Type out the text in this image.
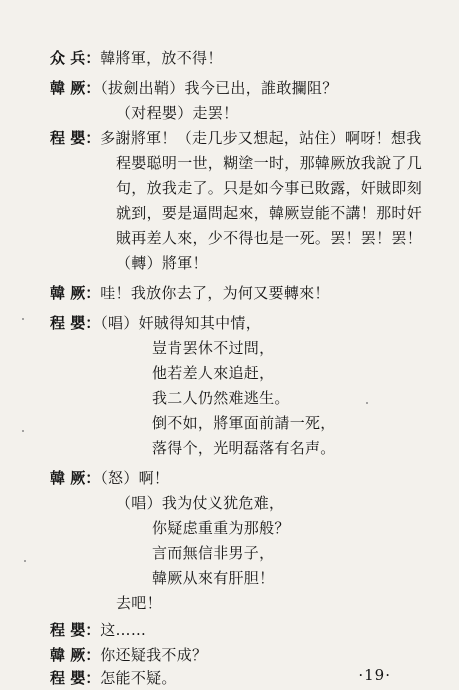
众 兵：韓將軍，放不得！
韓 厥：（拔劍出鞘）我今已出，誰敢攔阻？
（对程嬰）走罢！
程 嬰：多謝將軍！（走几步又想起，站住）啊呀！想我
程嬰聪明一世，糊塗一时，那韓厥放我說了几
句，放我走了。只是如今事已敗露，奸賊即刻
就到，要是逼問起來，韓厥豈能不講！那时奸
賊再差人來，少不得也是一死。罢！罢！罢！
（轉）將軍！
韓 厥：哇！我放你去了，为何又要轉來！
程 嬰：（唱）奸賊得知其中情，
豈肯罢休不过問，
他若差人來追赶，
我二人仍然难逃生。
倒不如，將軍面前請一死，
落得个，光明磊落有名声。
韓 厥：（怒）啊！
（唱）我为仗义犹危难，
你疑虑重重为那般？
言而無信非男子，
韓厥从來有肝胆！
去吧！
程 嬰：这……
韓 厥：你还疑我不成？
程 嬰：怎能不疑。	·19·
